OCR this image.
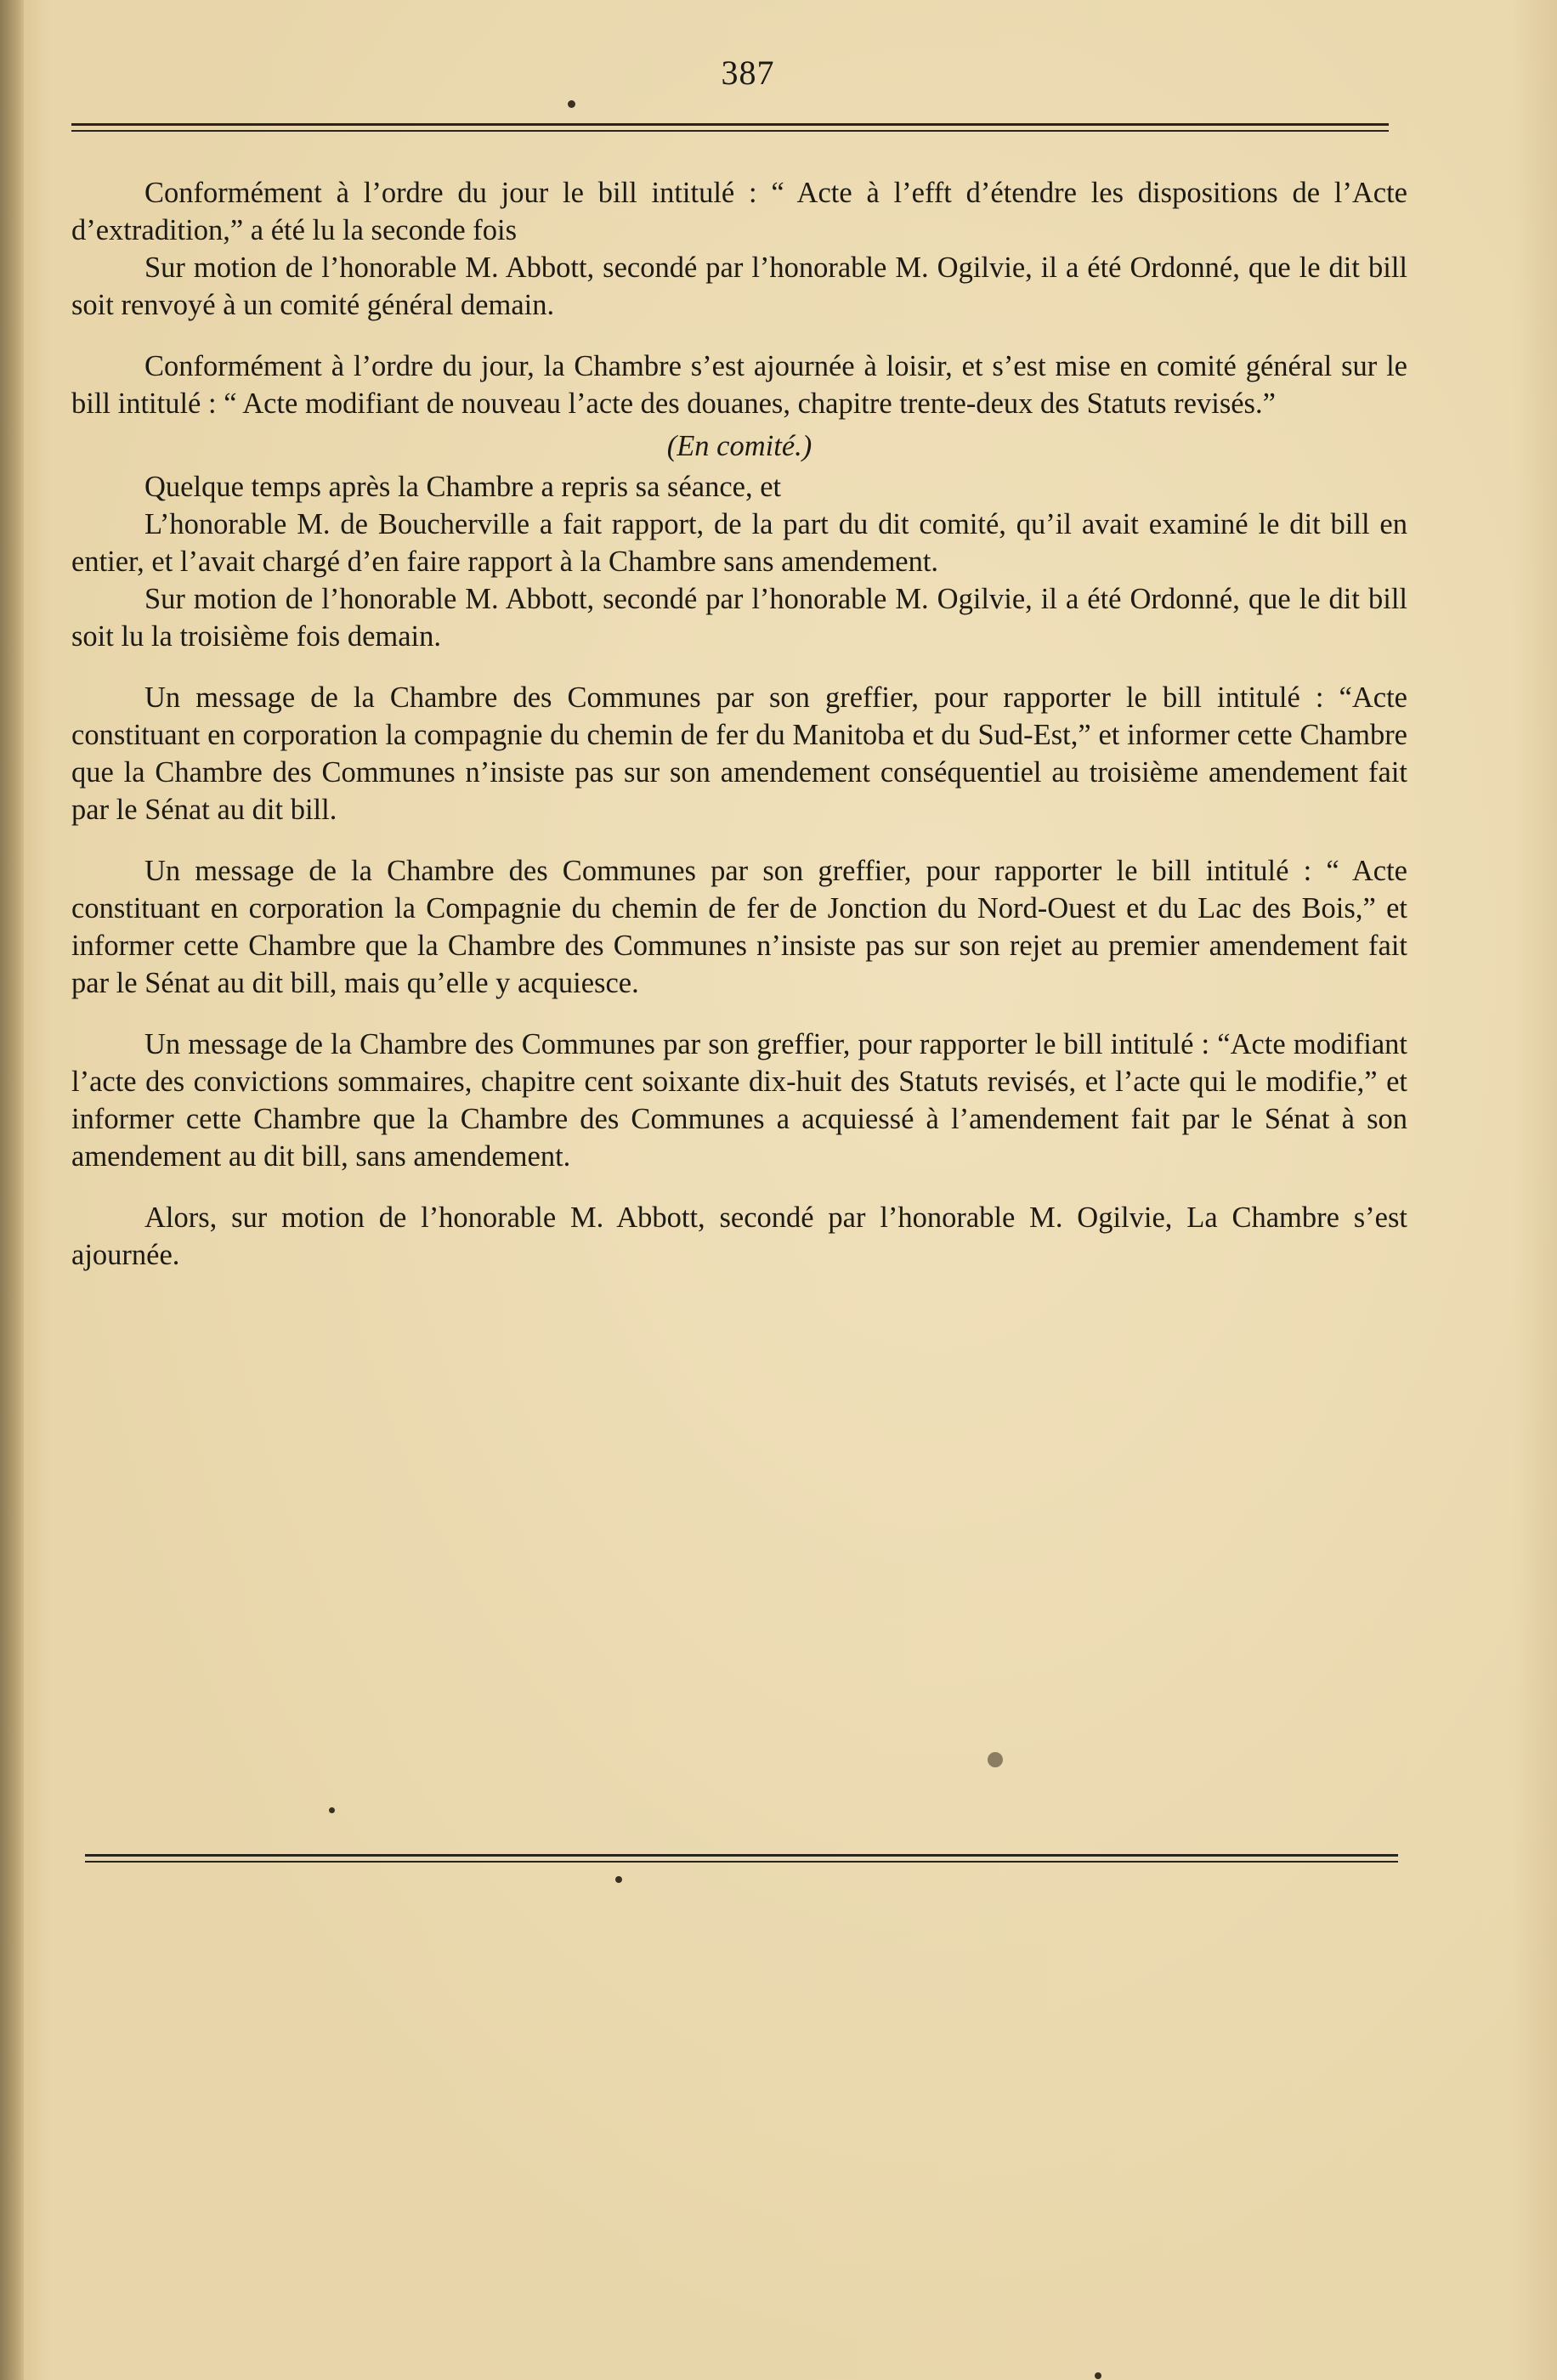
387

Conformément à l’ordre du jour le bill intitulé : “ Acte à l’efft d’étendre les dispositions de l’Acte d’extradition,” a été lu la seconde fois

Sur motion de l’honorable M. Abbott, secondé par l’honorable M. Ogilvie, il a été Ordonné, que le dit bill soit renvoyé à un comité général demain.

Conformément à l’ordre du jour, la Chambre s’est ajournée à loisir, et s’est mise en comité général sur le bill intitulé : “ Acte modifiant de nouveau l’acte des douanes, chapitre trente-deux des Statuts revisés.”

(En comité.)

Quelque temps après la Chambre a repris sa séance, et

L’honorable M. de Boucherville a fait rapport, de la part du dit comité, qu’il avait examiné le dit bill en entier, et l’avait chargé d’en faire rapport à la Chambre sans amendement.

Sur motion de l’honorable M. Abbott, secondé par l’honorable M. Ogilvie, il a été Ordonné, que le dit bill soit lu la troisième fois demain.

Un message de la Chambre des Communes par son greffier, pour rapporter le bill intitulé : “Acte constituant en corporation la compagnie du chemin de fer du Manitoba et du Sud-Est,” et informer cette Chambre que la Chambre des Communes n’insiste pas sur son amendement conséquentiel au troisième amendement fait par le Sénat au dit bill.

Un message de la Chambre des Communes par son greffier, pour rapporter le bill intitulé : “ Acte constituant en corporation la Compagnie du chemin de fer de Jonction du Nord-Ouest et du Lac des Bois,” et informer cette Chambre que la Chambre des Communes n’insiste pas sur son rejet au premier amendement fait par le Sénat au dit bill, mais qu’elle y acquiesce.

Un message de la Chambre des Communes par son greffier, pour rapporter le bill intitulé : “Acte modifiant l’acte des convictions sommaires, chapitre cent soixante dix-huit des Statuts revisés, et l’acte qui le modifie,” et informer cette Chambre que la Chambre des Communes a acquiessé à l’amendement fait par le Sénat à son amendement au dit bill, sans amendement.

Alors, sur motion de l’honorable M. Abbott, secondé par l’honorable M. Ogilvie, La Chambre s’est ajournée.
